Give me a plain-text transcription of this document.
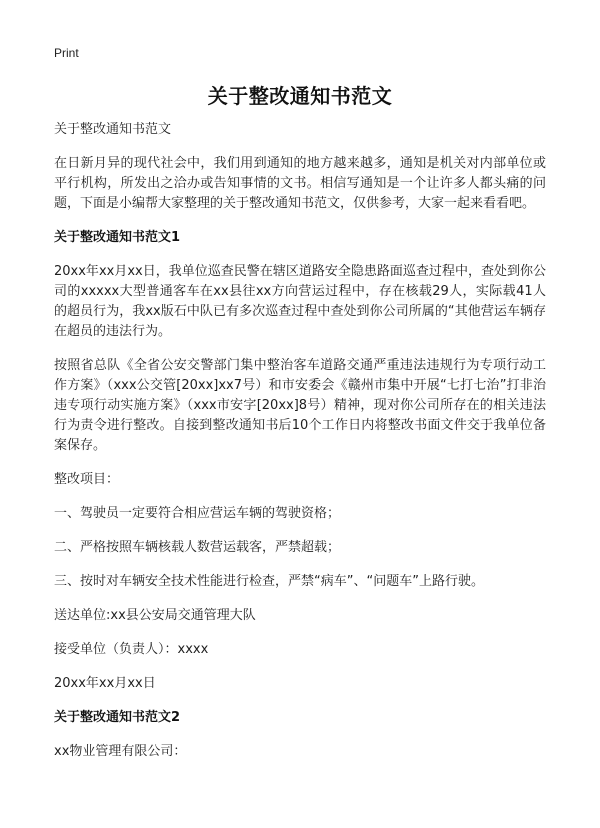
Print
关于整改通知书范文

关于整改通知书范文

在日新月异的现代社会中，我们用到通知的地方越来越多，通知是机关对内部单位或平行机构，所发出之洽办或告知事情的文书。相信写通知是一个让许多人都头痛的问题，下面是小编帮大家整理的关于整改通知书范文，仅供参考，大家一起来看看吧。

关于整改通知书范文1

20xx年xx月xx日，我单位巡查民警在辖区道路安全隐患路面巡查过程中，查处到你公司的xxxxx大型普通客车在xx县往xx方向营运过程中，存在核载29人，实际载41人的超员行为，我xx版石中队已有多次巡查过程中查处到你公司所属的“其他营运车辆存在超员的违法行为。

按照省总队《全省公安交警部门集中整治客车道路交通严重违法违规行为专项行动工作方案》（xxx公交管[20xx]xx7号）和市安委会《赣州市集中开展“七打七治”打非治违专项行动实施方案》（xxx市安字[20xx]8号）精神，现对你公司所存在的相关违法行为责令进行整改。自接到整改通知书后10个工作日内将整改书面文件交于我单位备案保存。

整改项目：

一、驾驶员一定要符合相应营运车辆的驾驶资格；

二、严格按照车辆核载人数营运载客，严禁超载；

三、按时对车辆安全技术性能进行检查，严禁“病车”、“问题车”上路行驶。

送达单位:xx县公安局交通管理大队

接受单位（负责人）：xxxx

20xx年xx月xx日

关于整改通知书范文2

xx物业管理有限公司：
